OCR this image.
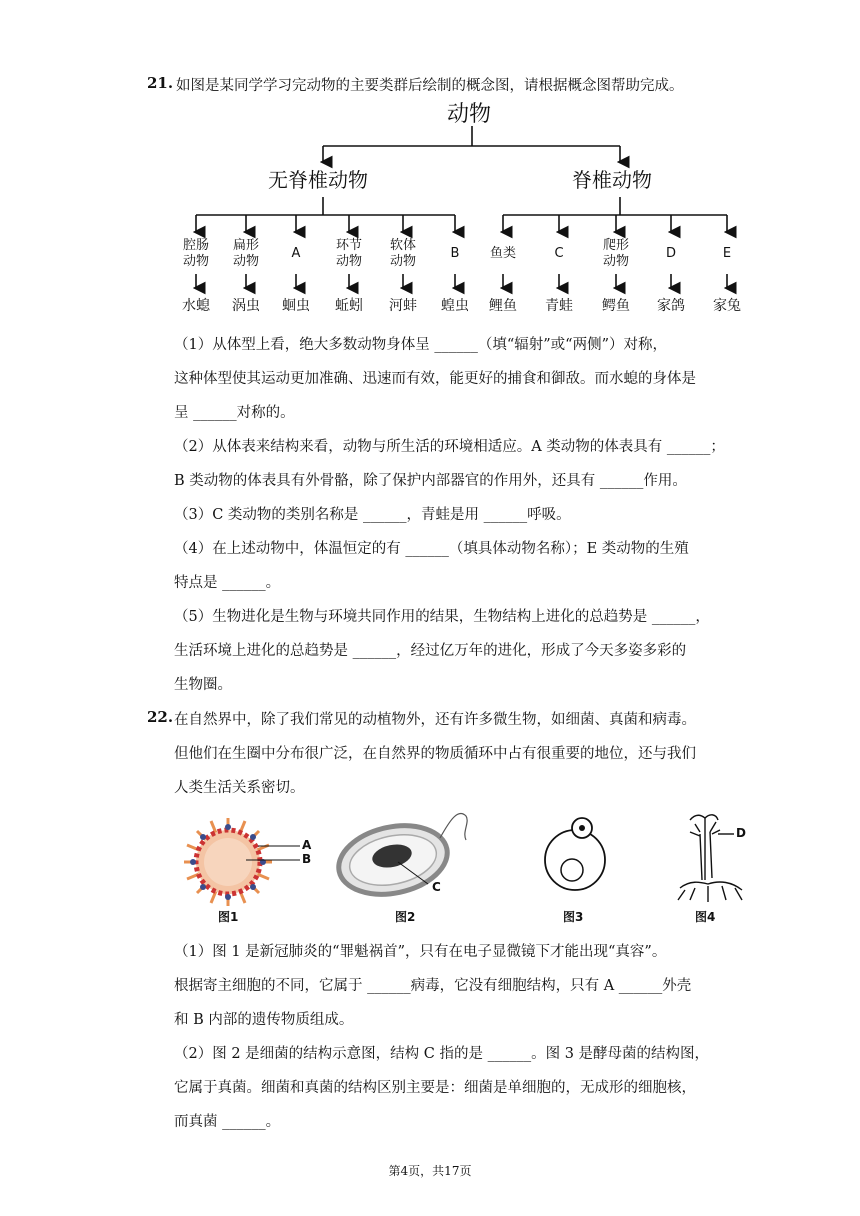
21. 如图是某同学学习完动物的主要类群后绘制的概念图，请根据概念图帮助完成。
动物
无脊椎动物	脊椎动物
腔肠
动物
扁形
动物
A
环节
动物
软体
动物
B	鱼类	C
爬形
动物
D	E
水螅	涡虫	蛔虫	蚯蚓	河蚌	蝗虫	鲤鱼	青蛙	鳄鱼	家鸽	家兔
（1）从体型上看，绝大多数动物身体呈 ______（填“辐射”或“两侧”）对称，
这种体型使其运动更加准确、迅速而有效，能更好的捕食和御敌。而水螅的身体是
呈 ______对称的。
（2）从体表来结构来看，动物与所生活的环境相适应。A 类动物的体表具有 ______；
B 类动物的体表具有外骨骼，除了保护内部器官的作用外，还具有 ______作用。
（3）C 类动物的类别名称是 ______，青蛙是用 ______呼吸。
（4）在上述动物中，体温恒定的有 ______（填具体动物名称）；E 类动物的生殖
特点是 ______。
（5）生物进化是生物与环境共同作用的结果，生物结构上进化的总趋势是 ______，
生活环境上进化的总趋势是 ______，经过亿万年的进化，形成了今天多姿多彩的
生物圈。
22. 在自然界中，除了我们常见的动植物外，还有许多微生物，如细菌、真菌和病毒。
但他们在生圈中分布很广泛，在自然界的物质循环中占有很重要的地位，还与我们
人类生活关系密切。
A
B
C
D
图1	图2	图3	图4
（1）图 1 是新冠肺炎的“罪魁祸首”，只有在电子显微镜下才能出现“真容”。
根据寄主细胞的不同，它属于 ______病毒，它没有细胞结构，只有 A ______外壳
和 B 内部的遗传物质组成。
（2）图 2 是细菌的结构示意图，结构 C 指的是 ______。图 3 是酵母菌的结构图，
它属于真菌。细菌和真菌的结构区别主要是：细菌是单细胞的，无成形的细胞核，
而真菌 ______。
第4页，共17页
